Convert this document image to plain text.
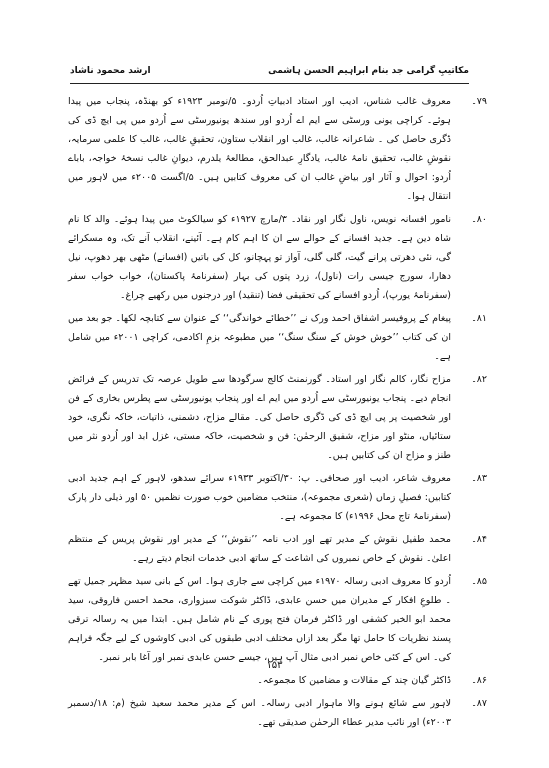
ارشد محمود ناشاد	مکاتیبِ گرامی جد بنام ابراہیم الحسن ہاشمی
۷۹۔
معروف غالب شناس، ادیب اور استاد ادبیاتِ اُردو۔ ۵/نومبر ۱۹۲۳ء کو بھنڈہ، پنجاب میں پیدا ہوئے۔ کراچی یونی ورسٹی سے ایم اے اُردو اور سندھ یونیورسٹی سے اُردو میں پی ایچ ڈی کی ڈگری حاصل کی ۔ شاعرانہ غالب، غالب اور انقلاب ستاون، تحقیقِ غالب، غالب کا علمی سرمایہ، نقوشِ غالب، تحقیق نامۂ غالب، یادگارِ عبدالحق، مطالعۂ یلدرم، دیوانِ غالب نسخۂ خواجہ، باباے اُردو: احوال و آثار اور بیاضِ غالب ان کی معروف کتابیں ہیں۔ ۵/اگست ۲۰۰۵ء میں لاہور میں انتقال ہوا۔
۸۰۔
نامور افسانہ نویس، ناول نگار اور نقاد۔ ۳/مارچ ۱۹۲۷ء کو سیالکوٹ میں پیدا ہوئے۔ والد کا نام شاہ دین ہے۔ جدید افسانے کے حوالے سے ان کا اہم کام ہے۔ آئینے، انقلاب آنے تک، وہ مسکرائے گی، نئی دھرتی پرانے گیت، گلی گلی، آواز تو پہچانو، کل کی باتیں (افسانے) مٹھی بھر دھوپ، نیل دھارا، سورج جیسی رات (ناول)، زرد پتوں کی بہار (سفرنامۂ پاکستان)، خواب خواب سفر (سفرنامۂ یورپ)، اُردو افسانے کی تحقیقی فضا (تنقید) اور درجنوں میں رکھیے چراغ۔
۸۱۔
پیغام کے پروفیسر اشفاق احمد ورک نے ’’خطائے خواندگی‘‘ کے عنوان سے کتابچہ لکھا۔ جو بعد میں ان کی کتاب ’’خوش خوش کے سنگ سنگ‘‘ میں مطبوعہ بزمِ اکادمی، کراچی ۲۰۰۱ء میں شامل ہے۔
۸۲۔
مزاح نگار، کالم نگار اور استاد۔ گورنمنٹ کالج سرگودھا سے طویل عرصہ تک تدریس کے فرائض انجام دیے۔ پنجاب یونیورسٹی سے اُردو میں ایم اے اور پنجاب یونیورسٹی سے پطرس بخاری کے فن اور شخصیت پر پی ایچ ڈی کی ڈگری حاصل کی۔ مقالے مزاح، دشمنی، ذاتیات، خاکہ نگری، خود ستائیاں، منٹو اور مزاح، شفیق الرحمٰن: فن و شخصیت، خاکہ مستی، غزل ابد اور اُردو نثر میں طنز و مزاح ان کی کتابیں ہیں۔
۸۳۔
معروف شاعر، ادیب اور صحافی۔ پ: ۳۰/اکتوبر ۱۹۳۳ء سرائے سدھو، لاہور کے اہم جدید ادبی کتابیں: فصیلِ زماں (شعری مجموعہ)، منتخب مضامین خوب صورت نظمیں ۵۰ اور ذیلی دار پارک (سفرنامۂ تاج محل ۱۹۹۶ء) کا مجموعہ ہے۔
۸۴۔
محمد طفیل نقوش کے مدیر تھے اور ادب نامہ ’’نقوش‘‘ کے مدیر اور نقوش پریس کے منتظم اعلیٰ۔ نقوش کے خاص نمبروں کی اشاعت کے ساتھ ادبی خدمات انجام دیتے رہے۔
۸۵۔
اُردو کا معروف ادبی رسالہ ۱۹۷۰ء میں کراچی سے جاری ہوا۔ اس کے بانی سید مظہر جمیل تھے ۔ طلوعِ افکار کے مدیران میں حسن عابدی، ڈاکٹر شوکت سبزواری، محمد احسن فاروقی، سید محمد ابو الخیر کشفی اور ڈاکٹر فرمان فتح پوری کے نام شامل ہیں۔ ابتدا میں یہ رسالہ ترقی پسند نظریات کا حامل تھا مگر بعد ازاں مختلف ادبی طبقوں کی ادبی کاوشوں کے لیے جگہ فراہم کی۔ اس کے کئی خاص نمبر ادبی مثال آپ ہیں، جیسے حسن عابدی نمبر اور آغا بابر نمبر۔
۸۶۔
ڈاکٹر گیان چند کے مقالات و مضامین کا مجموعہ۔
۸۷۔
لاہور سے شائع ہونے والا ماہوار ادبی رسالہ۔ اس کے مدیر محمد سعید شیخ (م: ۱۸/دسمبر ۲۰۰۳ء) اور نائب مدیر عطاء الرحمٰن صدیقی تھے۔
۱۵۳
